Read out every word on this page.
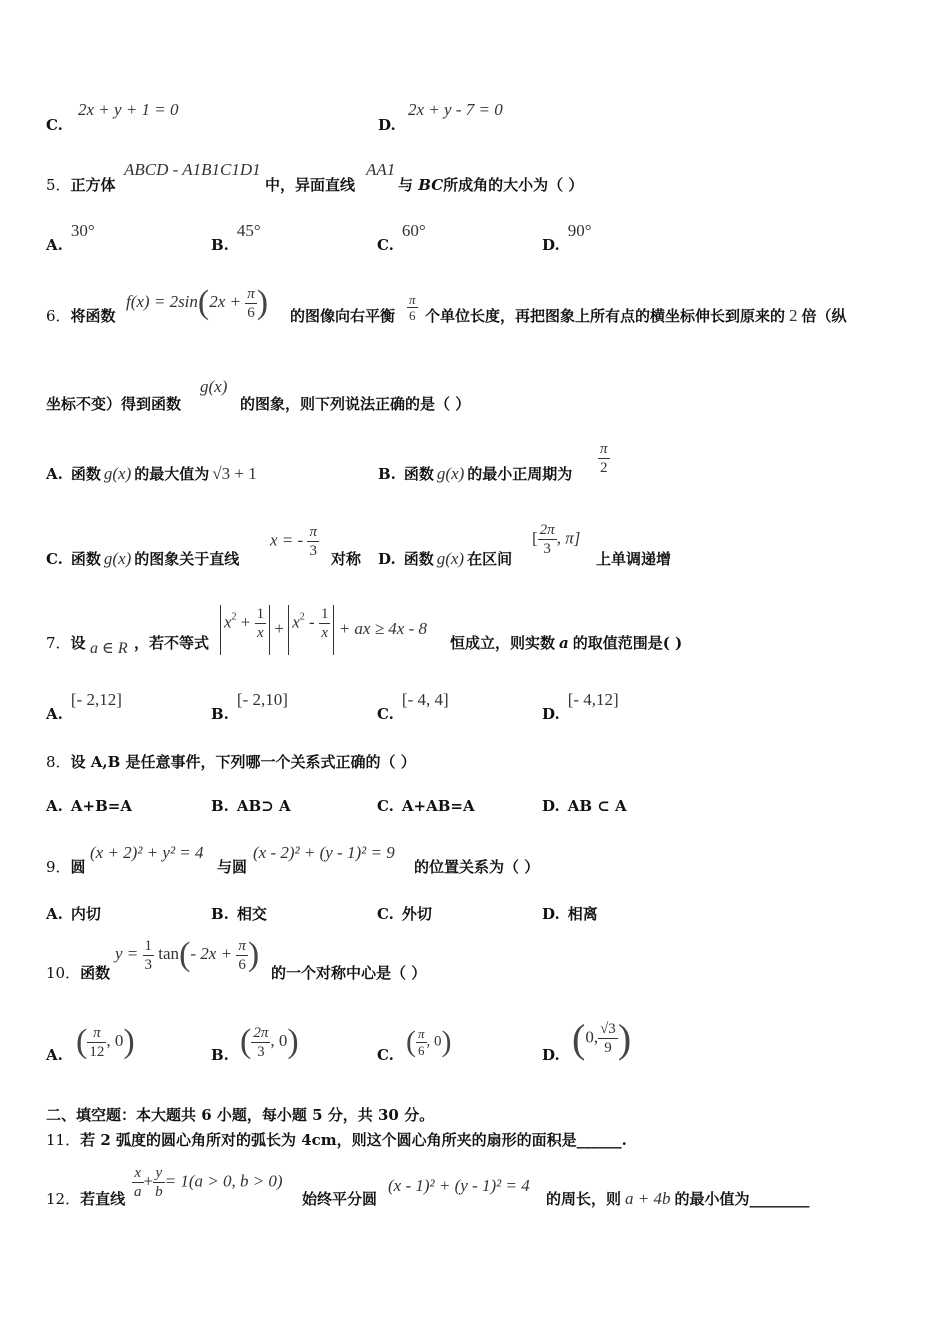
C.
2x + y + 1 = 0
D.
2x + y - 7 = 0
5．正方体
ABCD - A1B1C1D1
中，异面直线
AA1
与 BC所成角的大小为（ ）
A.30°
B.45°
C.60°
D.90°
6．将函数
$f(x) = 2\sin(2x + \frac{\pi}{6}$ ) 的图像向右平衡 $\frac{\pi}{6}$ 个单位长度，再把图象上所有点的横坐标伸长到原来的 2 倍（纵
坐标不变）得到函数
g(x)
的图象，则下列说法正确的是（ ）
A. 函数 g(x) 的最大值为 √3 + 1	B. 函数 g(x) 的最小正周期为 $\frac{\pi}{2}$
C. 函数 g(x) 的图象关于直线
x = - $\frac{\pi}{3}$ 对称 D. 函数 g(x) 在区间
[ $\frac{2\pi}{3}$ , π]
上单调递增
7．设 a ∈ R ，若不等式
$x^2 + \frac{1}{x} + x^2 - \frac{1}{x}$ + ax ≥ 4x - 8
恒成立，则实数 a 的取值范围是( )
A.[- 2,12]
B.[- 2,10]
C.[- 4, 4]
D.[- 4,12]
8．设 A,B 是任意事件，下列哪一个关系式正确的（ ）
A. A+B=A	B. AB⊃ A	C. A+AB=A	D. AB ⊂ A
9．圆
(x + 2)² + y² = 4
与圆
(x - 2)² + (y - 1)² = 9
的位置关系为（ ）
A. 内切	B. 相交	C. 外切	D. 相离
10．函数
$y = \frac{1}{3} \tan(-$ $2x + \frac{\pi}{6}$ ) 的一个对称中心是（ ）
A. ( $\frac{\pi}{12}$ , 0)	B. ( $\frac{2\pi}{3}$ , 0)	C. ( $\frac{\pi}{6}$ , 0)	D. (0, $\frac{√3}{9}$ )
二、填空题：本大题共 6 小题，每小题 5 分，共 30 分。
11．若 2 弧度的圆心角所对的弧长为 4cm，则这个圆心角所夹的扇形的面积是______.
12．若直线 $\frac{x}{a} + \frac{y}{b} = 1(a > 0$, b > 0)
始终平分圆
(x - 1)² + (y - 1)² = 4
的周长，则 a + 4b 的最小值为________
